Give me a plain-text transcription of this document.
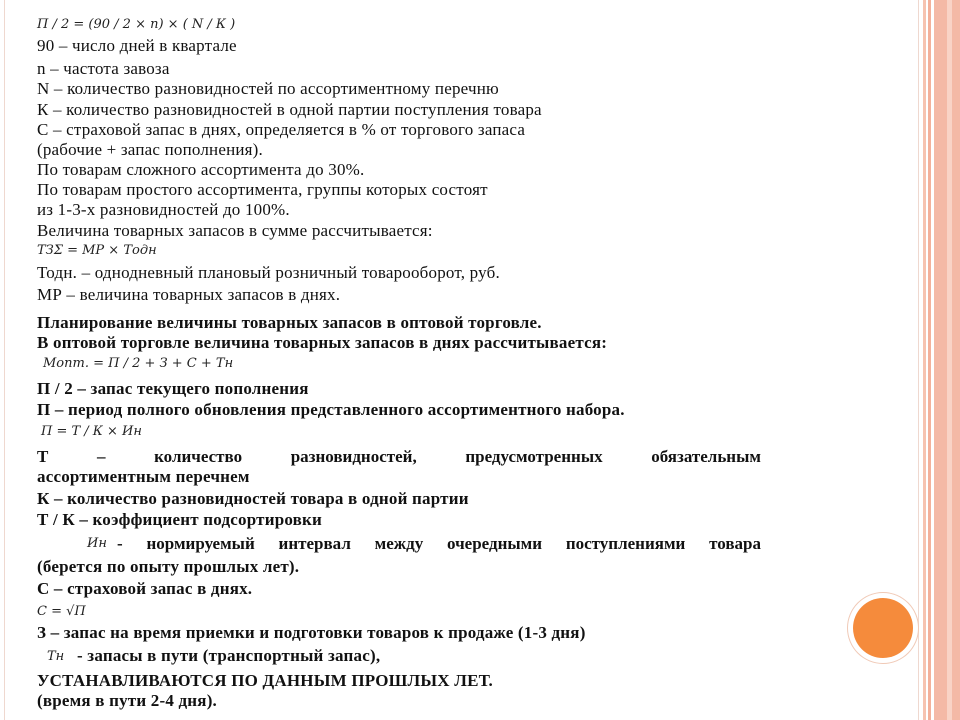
П / 2 = (90 / 2 × n) × ( N / К )
90 – число дней в квартале
n – частота завоза
N – количество разновидностей по ассортиментному перечню
К – количество разновидностей в одной партии поступления товара
С – страховой запас в днях, определяется в % от торгового запаса
(рабочие + запас пополнения).
По товарам сложного ассортимента до 30%.
По товарам простого ассортимента, группы которых состоят
из 1-3-х разновидностей до 100%.
Величина товарных запасов в сумме рассчитывается:
ТЗΣ = МР × Тодн
Тодн. – однодневный плановый розничный товарооборот, руб.
МР – величина товарных запасов в днях.
Планирование величины товарных запасов в оптовой торговле.
В оптовой торговле величина товарных запасов в днях рассчитывается:
Мопт. = П / 2 + З + С + Тн
П / 2 – запас текущего пополнения
П – период полного обновления представленного ассортиментного набора.
П = Т / К × Ин
Т	–	количество	разновидностей,	предусмотренных	обязательным
ассортиментным перечнем
К – количество разновидностей товара в одной партии
Т / К – коэффициент подсортировки
Ин - нормируемый интервал между очередными поступлениями товара
(берется по опыту прошлых лет).
С – страховой запас в днях.
С = √П
З – запас на время приемки и подготовки товаров к продаже (1-3 дня)
Тн - запасы в пути (транспортный запас),
УСТАНАВЛИВАЮТСЯ ПО ДАННЫМ ПРОШЛЫХ ЛЕТ.
(время в пути 2-4 дня).
